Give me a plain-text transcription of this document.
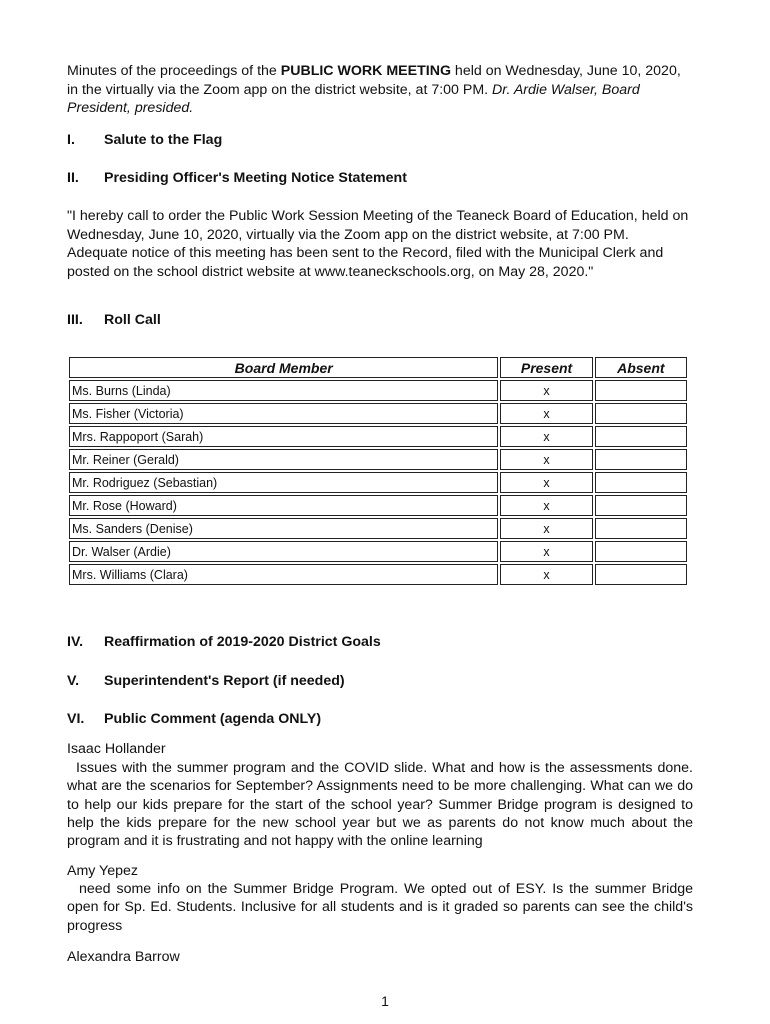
Minutes of the proceedings of the PUBLIC WORK MEETING held on Wednesday, June 10, 2020, in the virtually via the Zoom app on the district website, at 7:00 PM. Dr. Ardie Walser, Board President, presided.
I. Salute to the Flag
II. Presiding Officer's Meeting Notice Statement
"I hereby call to order the Public Work Session Meeting of the Teaneck Board of Education, held on Wednesday, June 10, 2020, virtually via the Zoom app on the district website, at 7:00 PM. Adequate notice of this meeting has been sent to the Record, filed with the Municipal Clerk and posted on the school district website at www.teaneckschools.org, on May 28, 2020."
III. Roll Call
Board Member	Present	Absent
Ms. Burns (Linda)	x	
Ms. Fisher (Victoria)	x	
Mrs. Rappoport (Sarah)	x	
Mr. Reiner (Gerald)	x	
Mr. Rodriguez (Sebastian)	x	
Mr. Rose (Howard)	x	
Ms. Sanders (Denise)	x	
Dr. Walser (Ardie)	x	
Mrs. Williams (Clara)	x	
IV. Reaffirmation of 2019-2020 District Goals
V. Superintendent's Report (if needed)
VI. Public Comment (agenda ONLY)
Isaac Hollander
Issues with the summer program and the COVID slide. What and how is the assessments done. what are the scenarios for September? Assignments need to be more challenging. What can we do to help our kids prepare for the start of the school year? Summer Bridge program is designed to help the kids prepare for the new school year but we as parents do not know much about the program and it is frustrating and not happy with the online learning
Amy Yepez
need some info on the Summer Bridge Program. We opted out of ESY. Is the summer Bridge open for Sp. Ed. Students. Inclusive for all students and is it graded so parents can see the child's progress
Alexandra Barrow
1
